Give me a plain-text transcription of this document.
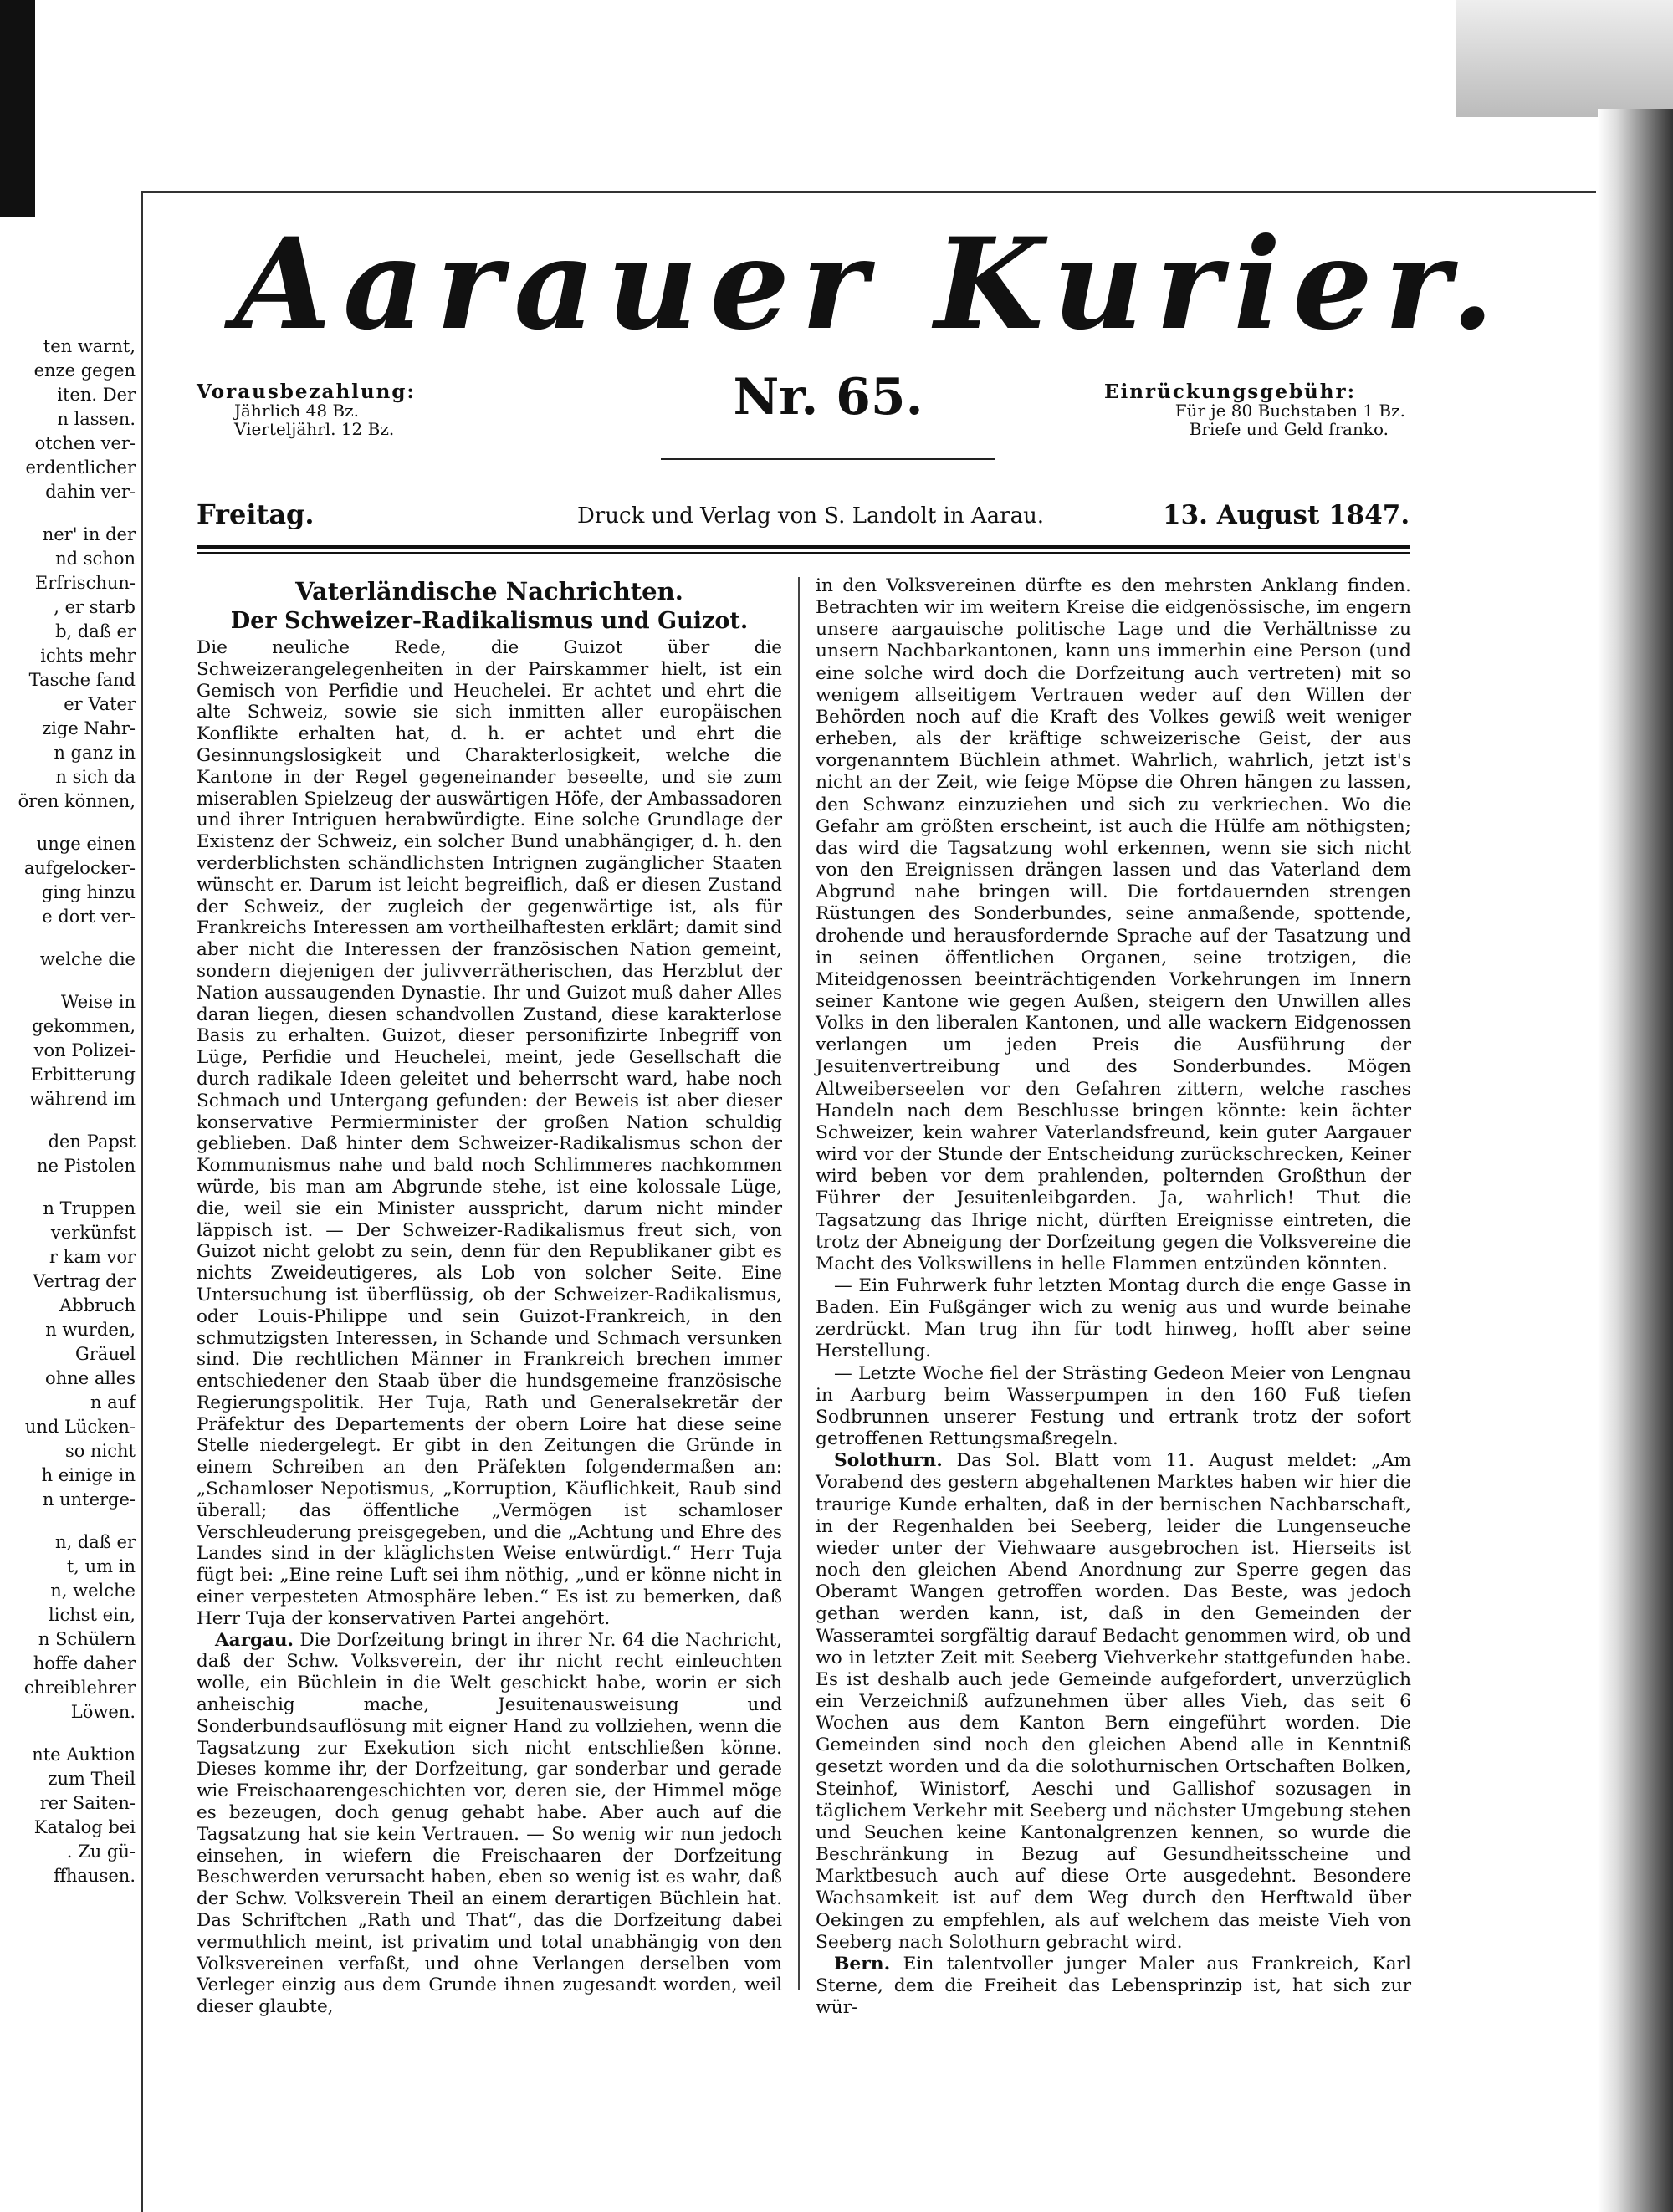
ten warnt,

enze gegen

iten. Der

n lassen.

otchen ver-

erdentlicher

dahin ver-

ner' in der

nd schon

Erfrischun-

, er starb

b, daß er

ichts mehr

Tasche fand

er Vater

zige Nahr-

n ganz in

n sich da

ören können,

unge einen

aufgelocker-

ging hinzu

e dort ver-

welche die

Weise in

gekommen,

von Polizei-

Erbitterung

während im

den Papst

ne Pistolen

n Truppen

verkünfst

r kam vor

Vertrag der

Abbruch

n wurden,

Gräuel

ohne alles

n auf

und Lücken-

so nicht

h einige in

n unterge-

n, daß er

t, um in

n, welche

lichst ein,

n Schülern

hoffe daher

chreiblehrer

Löwen.

nte Auktion

zum Theil

rer Saiten-

Katalog bei

. Zu gü-

ffhausen.

Aarauer Kurier.
Vorausbezahlung:
Jährlich 48 Bz.
Vierteljährl. 12 Bz.
Nr. 65.	Einrückungsgebühr:
Für je 80 Buchstaben 1 Bz.
Briefe und Geld franko.
Freitag.	Druck und Verlag von S. Landolt in Aarau.	13. August 1847.
Vaterländische Nachrichten.
Der Schweizer-Radikalismus und Guizot.

Die neuliche Rede, die Guizot über die Schweizerangelegenheiten in der Pairskammer hielt, ist ein Gemisch von Perfidie und Heuchelei. Er achtet und ehrt die alte Schweiz, sowie sie sich inmitten aller europäischen Konflikte erhalten hat, d. h. er achtet und ehrt die Gesinnungslosigkeit und Charakterlosigkeit, welche die Kantone in der Regel gegeneinander beseelte, und sie zum miserablen Spielzeug der auswärtigen Höfe, der Ambassadoren und ihrer Intriguen herabwürdigte. Eine solche Grundlage der Existenz der Schweiz, ein solcher Bund unabhängiger, d. h. den verderblichsten schändlichsten Intrignen zugänglicher Staaten wünscht er. Darum ist leicht begreiflich, daß er diesen Zustand der Schweiz, der zugleich der gegenwärtige ist, als für Frankreichs Interessen am vortheilhaftesten erklärt; damit sind aber nicht die Interessen der französischen Nation gemeint, sondern diejenigen der julivverrätherischen, das Herzblut der Nation aussaugenden Dynastie. Ihr und Guizot muß daher Alles daran liegen, diesen schandvollen Zustand, diese karakterlose Basis zu erhalten. Guizot, dieser personifizirte Inbegriff von Lüge, Perfidie und Heuchelei, meint, jede Gesellschaft die durch radikale Ideen geleitet und beherrscht ward, habe noch Schmach und Untergang gefunden: der Beweis ist aber dieser konservative Permierminister der großen Nation schuldig geblieben. Daß hinter dem Schweizer-Radikalismus schon der Kommunismus nahe und bald noch Schlimmeres nachkommen würde, bis man am Abgrunde stehe, ist eine kolossale Lüge, die, weil sie ein Minister ausspricht, darum nicht minder läppisch ist. — Der Schweizer-Radikalismus freut sich, von Guizot nicht gelobt zu sein, denn für den Republikaner gibt es nichts Zweideutigeres, als Lob von solcher Seite. Eine Untersuchung ist überflüssig, ob der Schweizer-Radikalismus, oder Louis-Philippe und sein Guizot-Frankreich, in den schmutzigsten Interessen, in Schande und Schmach versunken sind. Die rechtlichen Männer in Frankreich brechen immer entschiedener den Staab über die hundsgemeine französische Regierungspolitik. Her Tuja, Rath und Generalsekretär der Präfektur des Departements der obern Loire hat diese seine Stelle niedergelegt. Er gibt in den Zeitungen die Gründe in einem Schreiben an den Präfekten folgendermaßen an: „Schamloser Nepotismus, „Korruption, Käuflichkeit, Raub sind überall; das öffentliche „Vermögen ist schamloser Verschleuderung preisgegeben, und die „Achtung und Ehre des Landes sind in der kläglichsten Weise entwürdigt.“ Herr Tuja fügt bei: „Eine reine Luft sei ihm nöthig, „und er könne nicht in einer verpesteten Atmosphäre leben.“ Es ist zu bemerken, daß Herr Tuja der konservativen Partei angehört.

Aargau. Die Dorfzeitung bringt in ihrer Nr. 64 die Nachricht, daß der Schw. Volksverein, der ihr nicht recht einleuchten wolle, ein Büchlein in die Welt geschickt habe, worin er sich anheischig mache, Jesuitenausweisung und Sonderbundsauflösung mit eigner Hand zu vollziehen, wenn die Tagsatzung zur Exekution sich nicht entschließen könne. Dieses komme ihr, der Dorfzeitung, gar sonderbar und gerade wie Freischaarengeschichten vor, deren sie, der Himmel möge es bezeugen, doch genug gehabt habe. Aber auch auf die Tagsatzung hat sie kein Vertrauen. — So wenig wir nun jedoch einsehen, in wiefern die Freischaaren der Dorfzeitung Beschwerden verursacht haben, eben so wenig ist es wahr, daß der Schw. Volksverein Theil an einem derartigen Büchlein hat. Das Schriftchen „Rath und That“, das die Dorfzeitung dabei vermuthlich meint, ist privatim und total unabhängig von den Volksvereinen verfaßt, und ohne Verlangen derselben vom Verleger einzig aus dem Grunde ihnen zugesandt worden, weil dieser glaubte,

in den Volksvereinen dürfte es den mehrsten Anklang finden. Betrachten wir im weitern Kreise die eidgenössische, im engern unsere aargauische politische Lage und die Verhältnisse zu unsern Nachbarkantonen, kann uns immerhin eine Person (und eine solche wird doch die Dorfzeitung auch vertreten) mit so wenigem allseitigem Vertrauen weder auf den Willen der Behörden noch auf die Kraft des Volkes gewiß weit weniger erheben, als der kräftige schweizerische Geist, der aus vorgenanntem Büchlein athmet. Wahrlich, wahrlich, jetzt ist's nicht an der Zeit, wie feige Möpse die Ohren hängen zu lassen, den Schwanz einzuziehen und sich zu verkriechen. Wo die Gefahr am größten erscheint, ist auch die Hülfe am nöthigsten; das wird die Tagsatzung wohl erkennen, wenn sie sich nicht von den Ereignissen drängen lassen und das Vaterland dem Abgrund nahe bringen will. Die fortdauernden strengen Rüstungen des Sonderbundes, seine anmaßende, spottende, drohende und herausfordernde Sprache auf der Tasatzung und in seinen öffentlichen Organen, seine trotzigen, die Miteidgenossen beeinträchtigenden Vorkehrungen im Innern seiner Kantone wie gegen Außen, steigern den Unwillen alles Volks in den liberalen Kantonen, und alle wackern Eidgenossen verlangen um jeden Preis die Ausführung der Jesuitenvertreibung und des Sonderbundes. Mögen Altweiberseelen vor den Gefahren zittern, welche rasches Handeln nach dem Beschlusse bringen könnte: kein ächter Schweizer, kein wahrer Vaterlandsfreund, kein guter Aargauer wird vor der Stunde der Entscheidung zurückschrecken, Keiner wird beben vor dem prahlenden, polternden Großthun der Führer der Jesuitenleibgarden. Ja, wahrlich! Thut die Tagsatzung das Ihrige nicht, dürften Ereignisse eintreten, die trotz der Abneigung der Dorfzeitung gegen die Volksvereine die Macht des Volkswillens in helle Flammen entzünden könnten.

— Ein Fuhrwerk fuhr letzten Montag durch die enge Gasse in Baden. Ein Fußgänger wich zu wenig aus und wurde beinahe zerdrückt. Man trug ihn für todt hinweg, hofft aber seine Herstellung.

— Letzte Woche fiel der Strästing Gedeon Meier von Lengnau in Aarburg beim Wasserpumpen in den 160 Fuß tiefen Sodbrunnen unserer Festung und ertrank trotz der sofort getroffenen Rettungsmaßregeln.

Solothurn. Das Sol. Blatt vom 11. August meldet: „Am Vorabend des gestern abgehaltenen Marktes haben wir hier die traurige Kunde erhalten, daß in der bernischen Nachbarschaft, in der Regenhalden bei Seeberg, leider die Lungenseuche wieder unter der Viehwaare ausgebrochen ist. Hierseits ist noch den gleichen Abend Anordnung zur Sperre gegen das Oberamt Wangen getroffen worden. Das Beste, was jedoch gethan werden kann, ist, daß in den Gemeinden der Wasseramtei sorgfältig darauf Bedacht genommen wird, ob und wo in letzter Zeit mit Seeberg Viehverkehr stattgefunden habe. Es ist deshalb auch jede Gemeinde aufgefordert, unverzüglich ein Verzeichniß aufzunehmen über alles Vieh, das seit 6 Wochen aus dem Kanton Bern eingeführt worden. Die Gemeinden sind noch den gleichen Abend alle in Kenntniß gesetzt worden und da die solothurnischen Ortschaften Bolken, Steinhof, Winistorf, Aeschi und Gallishof sozusagen in täglichem Verkehr mit Seeberg und nächster Umgebung stehen und Seuchen keine Kantonalgrenzen kennen, so wurde die Beschränkung in Bezug auf Gesundheitsscheine und Marktbesuch auch auf diese Orte ausgedehnt. Besondere Wachsamkeit ist auf dem Weg durch den Herftwald über Oekingen zu empfehlen, als auf welchem das meiste Vieh von Seeberg nach Solothurn gebracht wird.

Bern. Ein talentvoller junger Maler aus Frankreich, Karl Sterne, dem die Freiheit das Lebensprinzip ist, hat sich zur wür-
